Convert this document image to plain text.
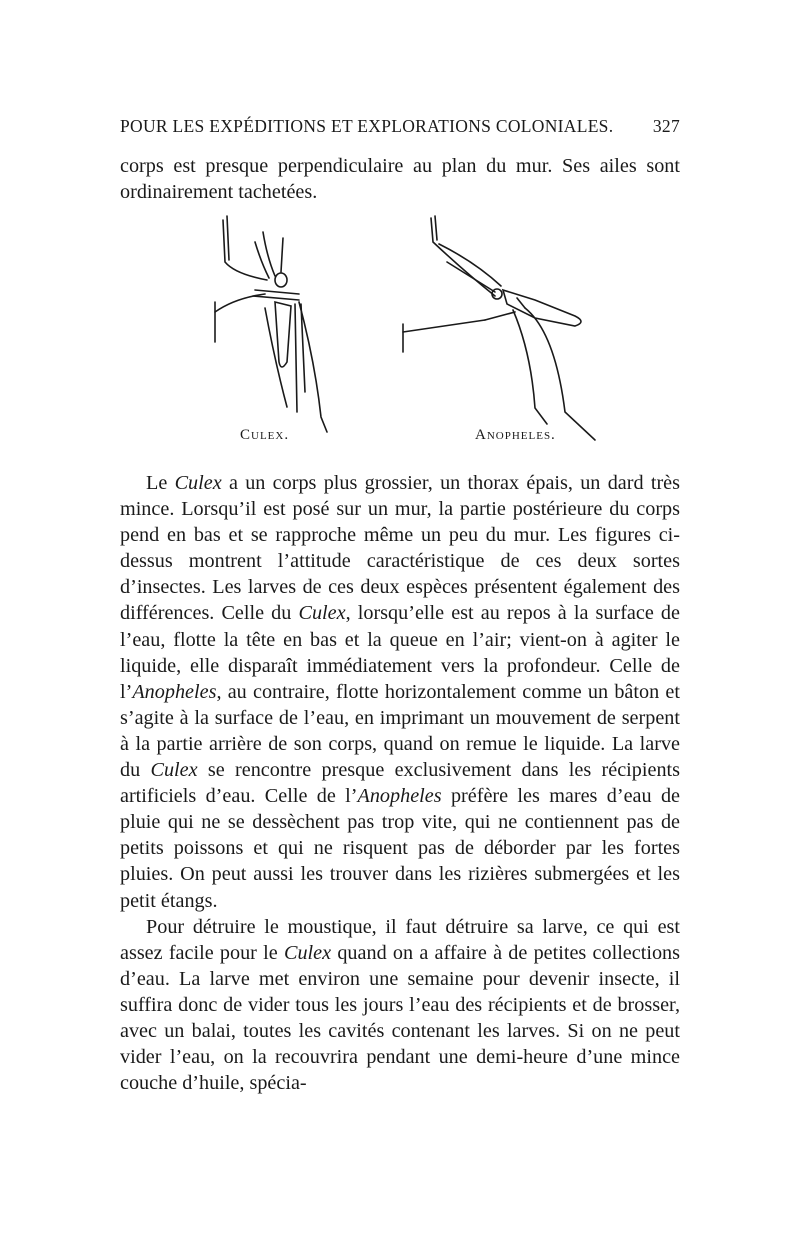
POUR LES EXPÉDITIONS ET EXPLORATIONS COLONIALES. 327

corps est presque perpendiculaire au plan du mur. Ses ailes sont ordinairement tachetées.

Culex.	Anopheles.

Le Culex a un corps plus grossier, un thorax épais, un dard très mince. Lorsqu’il est posé sur un mur, la partie postérieure du corps pend en bas et se rapproche même un peu du mur. Les figures ci-dessus montrent l’attitude caractéristique de ces deux sortes d’insectes. Les larves de ces deux espèces présentent également des différences. Celle du Culex, lorsqu’elle est au repos à la surface de l’eau, flotte la tête en bas et la queue en l’air; vient-on à agiter le liquide, elle disparaît immédiatement vers la profondeur. Celle de l’Anopheles, au contraire, flotte horizontalement comme un bâton et s’agite à la surface de l’eau, en imprimant un mouvement de serpent à la partie arrière de son corps, quand on remue le liquide. La larve du Culex se rencontre presque exclusivement dans les récipients artificiels d’eau. Celle de l’Anopheles préfère les mares d’eau de pluie qui ne se dessèchent pas trop vite, qui ne contiennent pas de petits poissons et qui ne risquent pas de déborder par les fortes pluies. On peut aussi les trouver dans les rizières submergées et les petit étangs.

Pour détruire le moustique, il faut détruire sa larve, ce qui est assez facile pour le Culex quand on a affaire à de petites collections d’eau. La larve met environ une semaine pour devenir insecte, il suffira donc de vider tous les jours l’eau des récipients et de brosser, avec un balai, toutes les cavités contenant les larves. Si on ne peut vider l’eau, on la recouvrira pendant une demi-heure d’une mince couche d’huile, spécia-
